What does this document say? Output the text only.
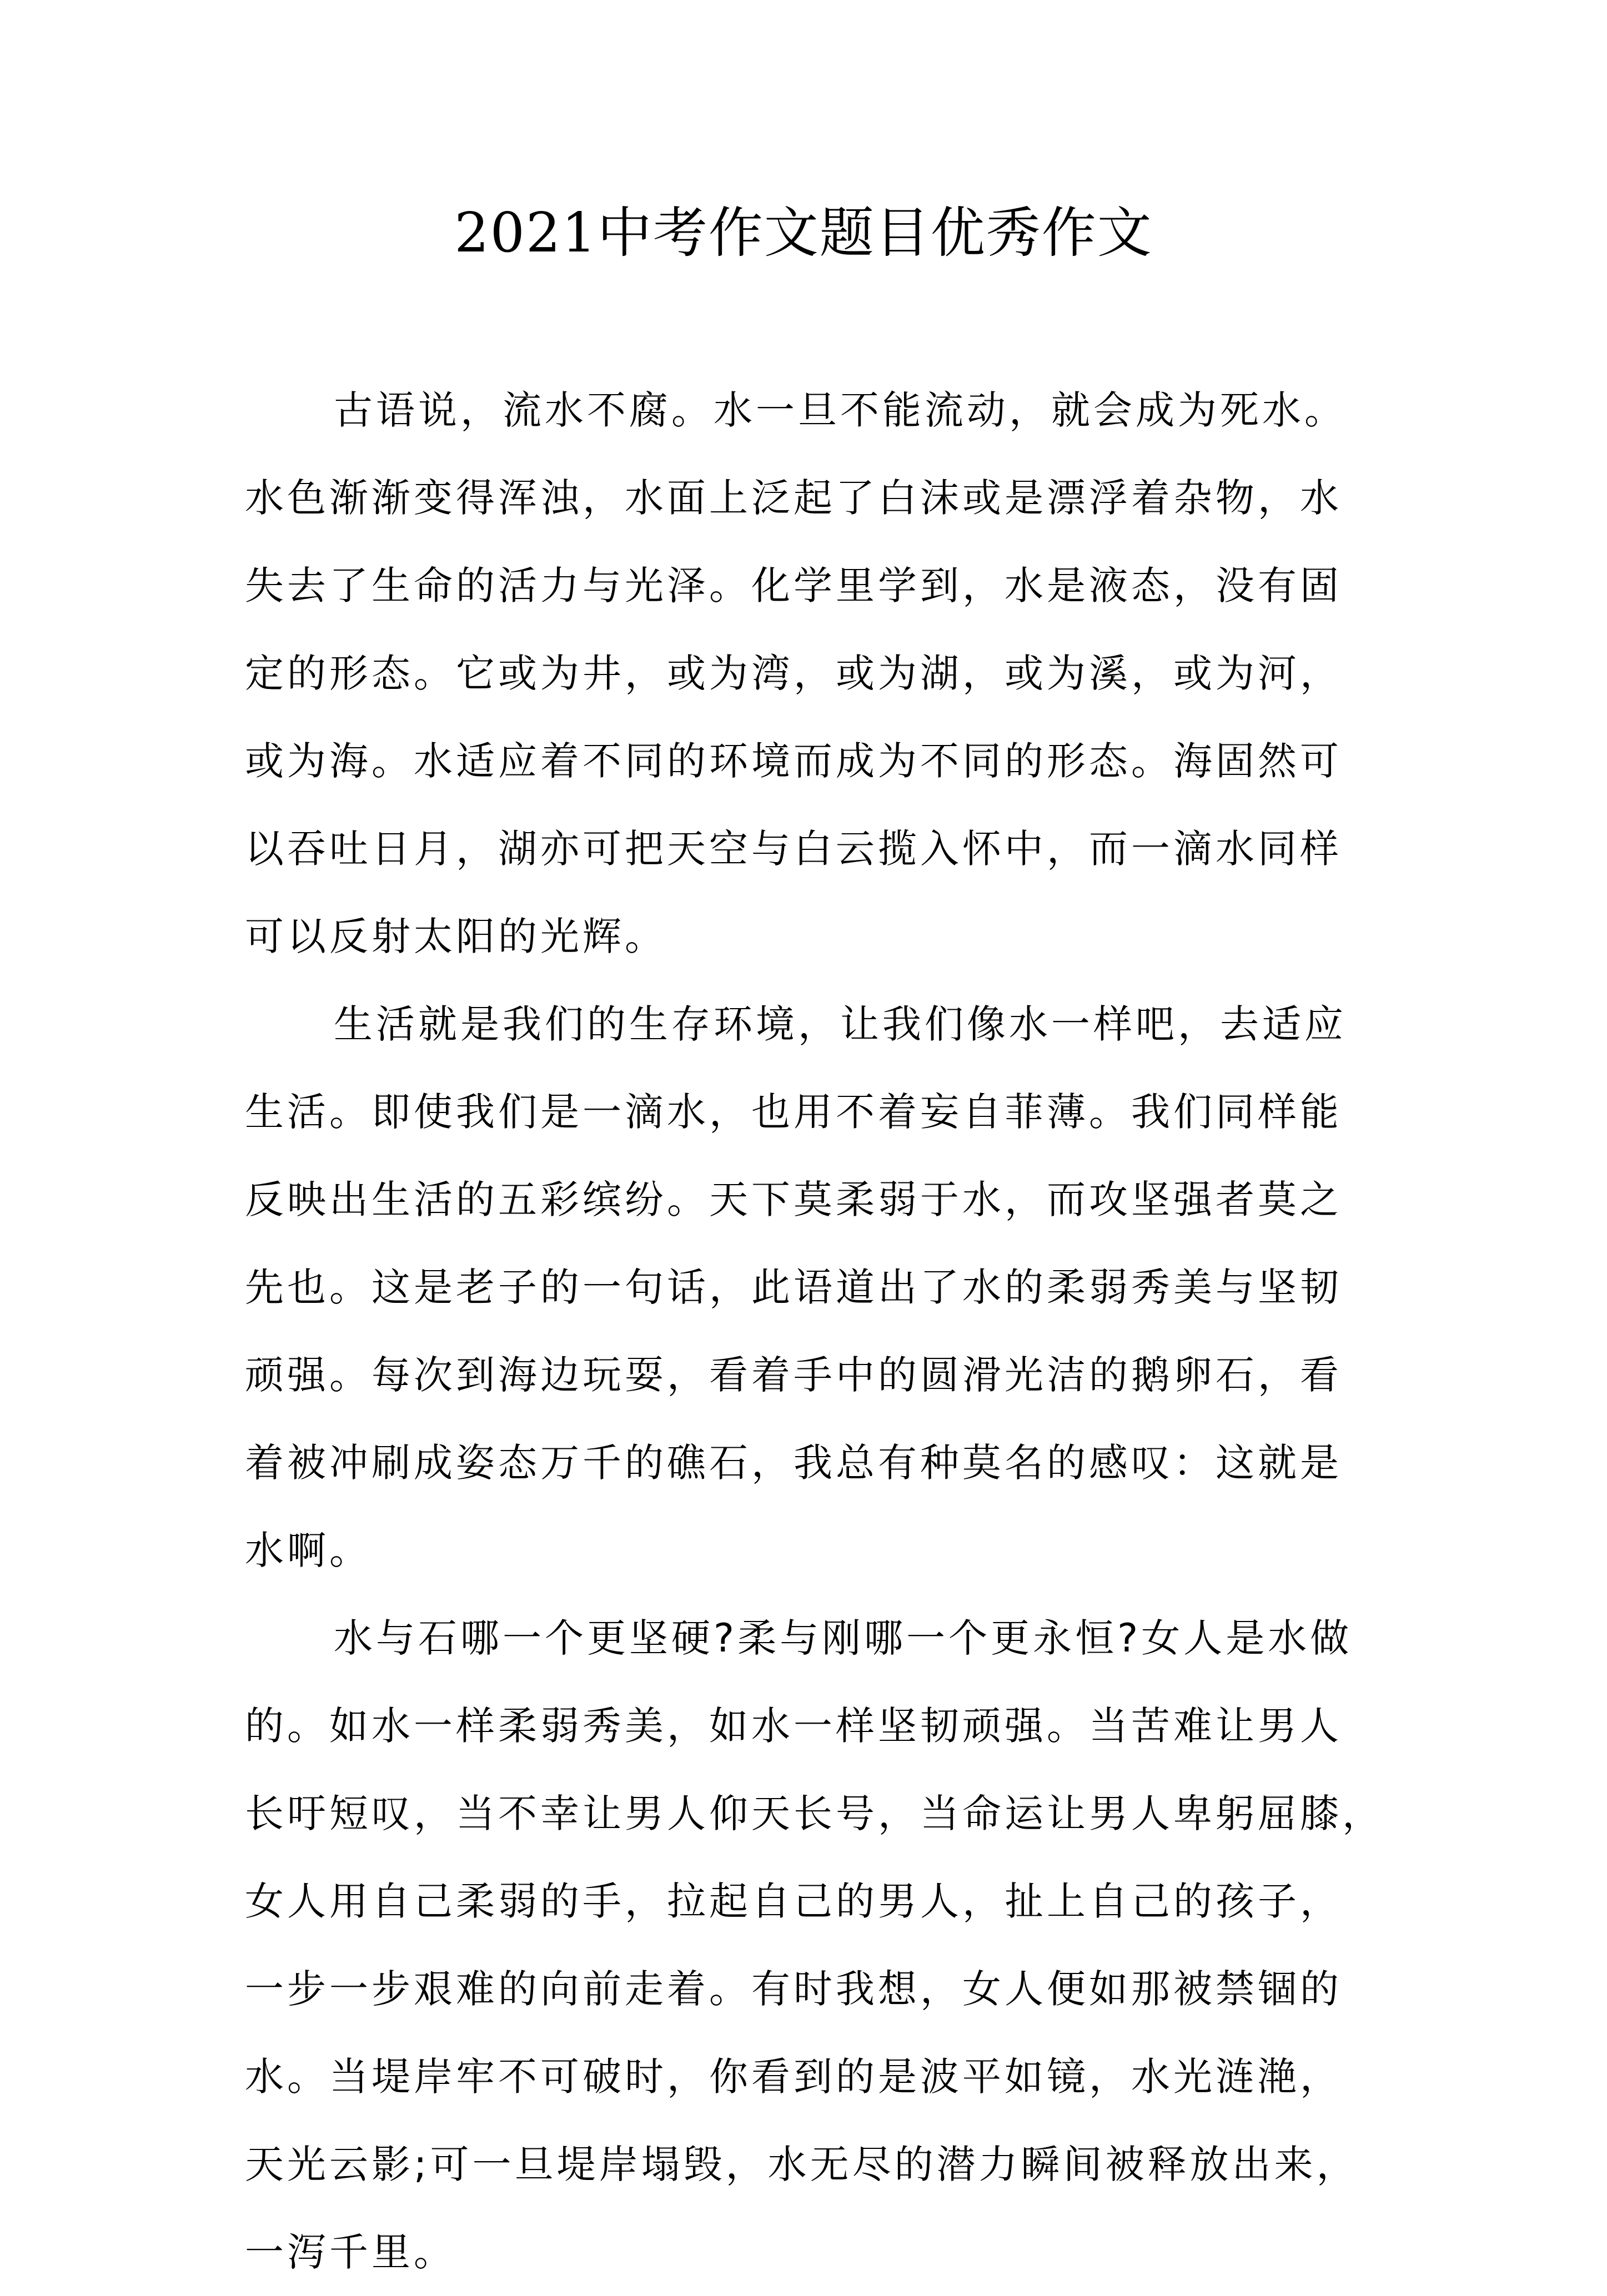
2021中考作文题目优秀作文
古语说，流水不腐。水一旦不能流动，就会成为死水。
水色渐渐变得浑浊，水面上泛起了白沫或是漂浮着杂物，水
失去了生命的活力与光泽。化学里学到，水是液态，没有固
定的形态。它或为井，或为湾，或为湖，或为溪，或为河，
或为海。水适应着不同的环境而成为不同的形态。海固然可
以吞吐日月，湖亦可把天空与白云揽入怀中，而一滴水同样
可以反射太阳的光辉。
生活就是我们的生存环境，让我们像水一样吧，去适应
生活。即使我们是一滴水，也用不着妄自菲薄。我们同样能
反映出生活的五彩缤纷。天下莫柔弱于水，而攻坚强者莫之
先也。这是老子的一句话，此语道出了水的柔弱秀美与坚韧
顽强。每次到海边玩耍，看着手中的圆滑光洁的鹅卵石，看
着被冲刷成姿态万千的礁石，我总有种莫名的感叹：这就是
水啊。
水与石哪一个更坚硬?柔与刚哪一个更永恒?女人是水做
的。如水一样柔弱秀美，如水一样坚韧顽强。当苦难让男人
长吁短叹，当不幸让男人仰天长号，当命运让男人卑躬屈膝，
女人用自己柔弱的手，拉起自己的男人，扯上自己的孩子，
一步一步艰难的向前走着。有时我想，女人便如那被禁锢的
水。当堤岸牢不可破时，你看到的是波平如镜，水光涟滟，
天光云影;可一旦堤岸塌毁，水无尽的潜力瞬间被释放出来，
一泻千里。
